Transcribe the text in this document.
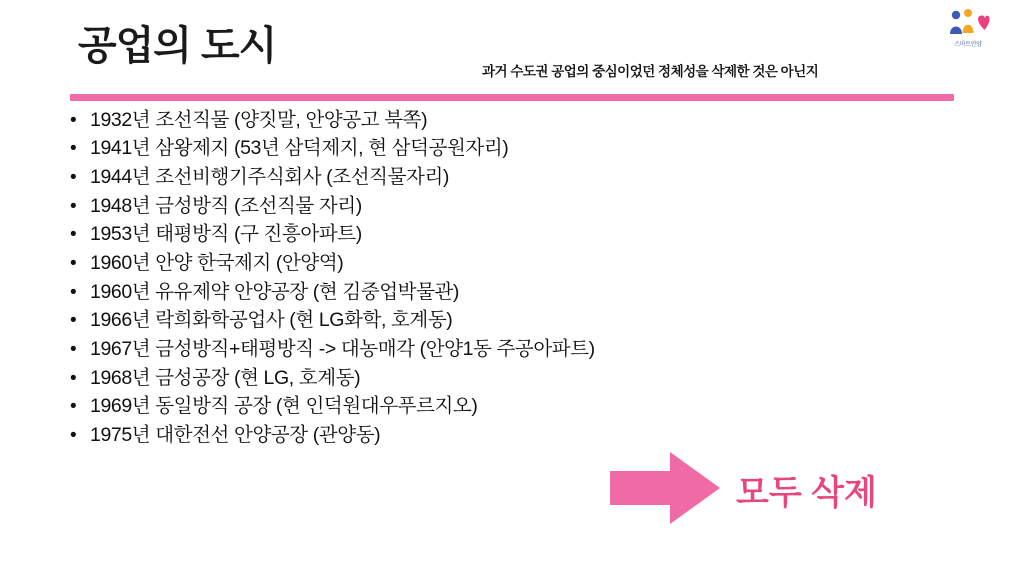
스마트안양
공업의 도시
과거 수도권 공업의 중심이었던 정체성을 삭제한 것은 아닌지
• 1932년 조선직물 (양짓말, 안양공고 북쪽)
• 1941년 삼왕제지 (53년 삼덕제지, 현 삼덕공원자리)
• 1944년 조선비행기주식회사 (조선직물자리)
• 1948년 금성방직 (조선직물 자리)
• 1953년 태평방직 (구 진흥아파트)
• 1960년 안양 한국제지 (안양역)
• 1960년 유유제약 안양공장 (현 김중업박물관)
• 1966년 락희화학공업사 (현 LG화학, 호계동)
• 1967년 금성방직+태평방직 -> 대농매각 (안양1동 주공아파트)
• 1968년 금성공장 (현 LG, 호계동)
• 1969년 동일방직 공장 (현 인덕원대우푸르지오)
• 1975년 대한전선 안양공장 (관양동)
모두 삭제
